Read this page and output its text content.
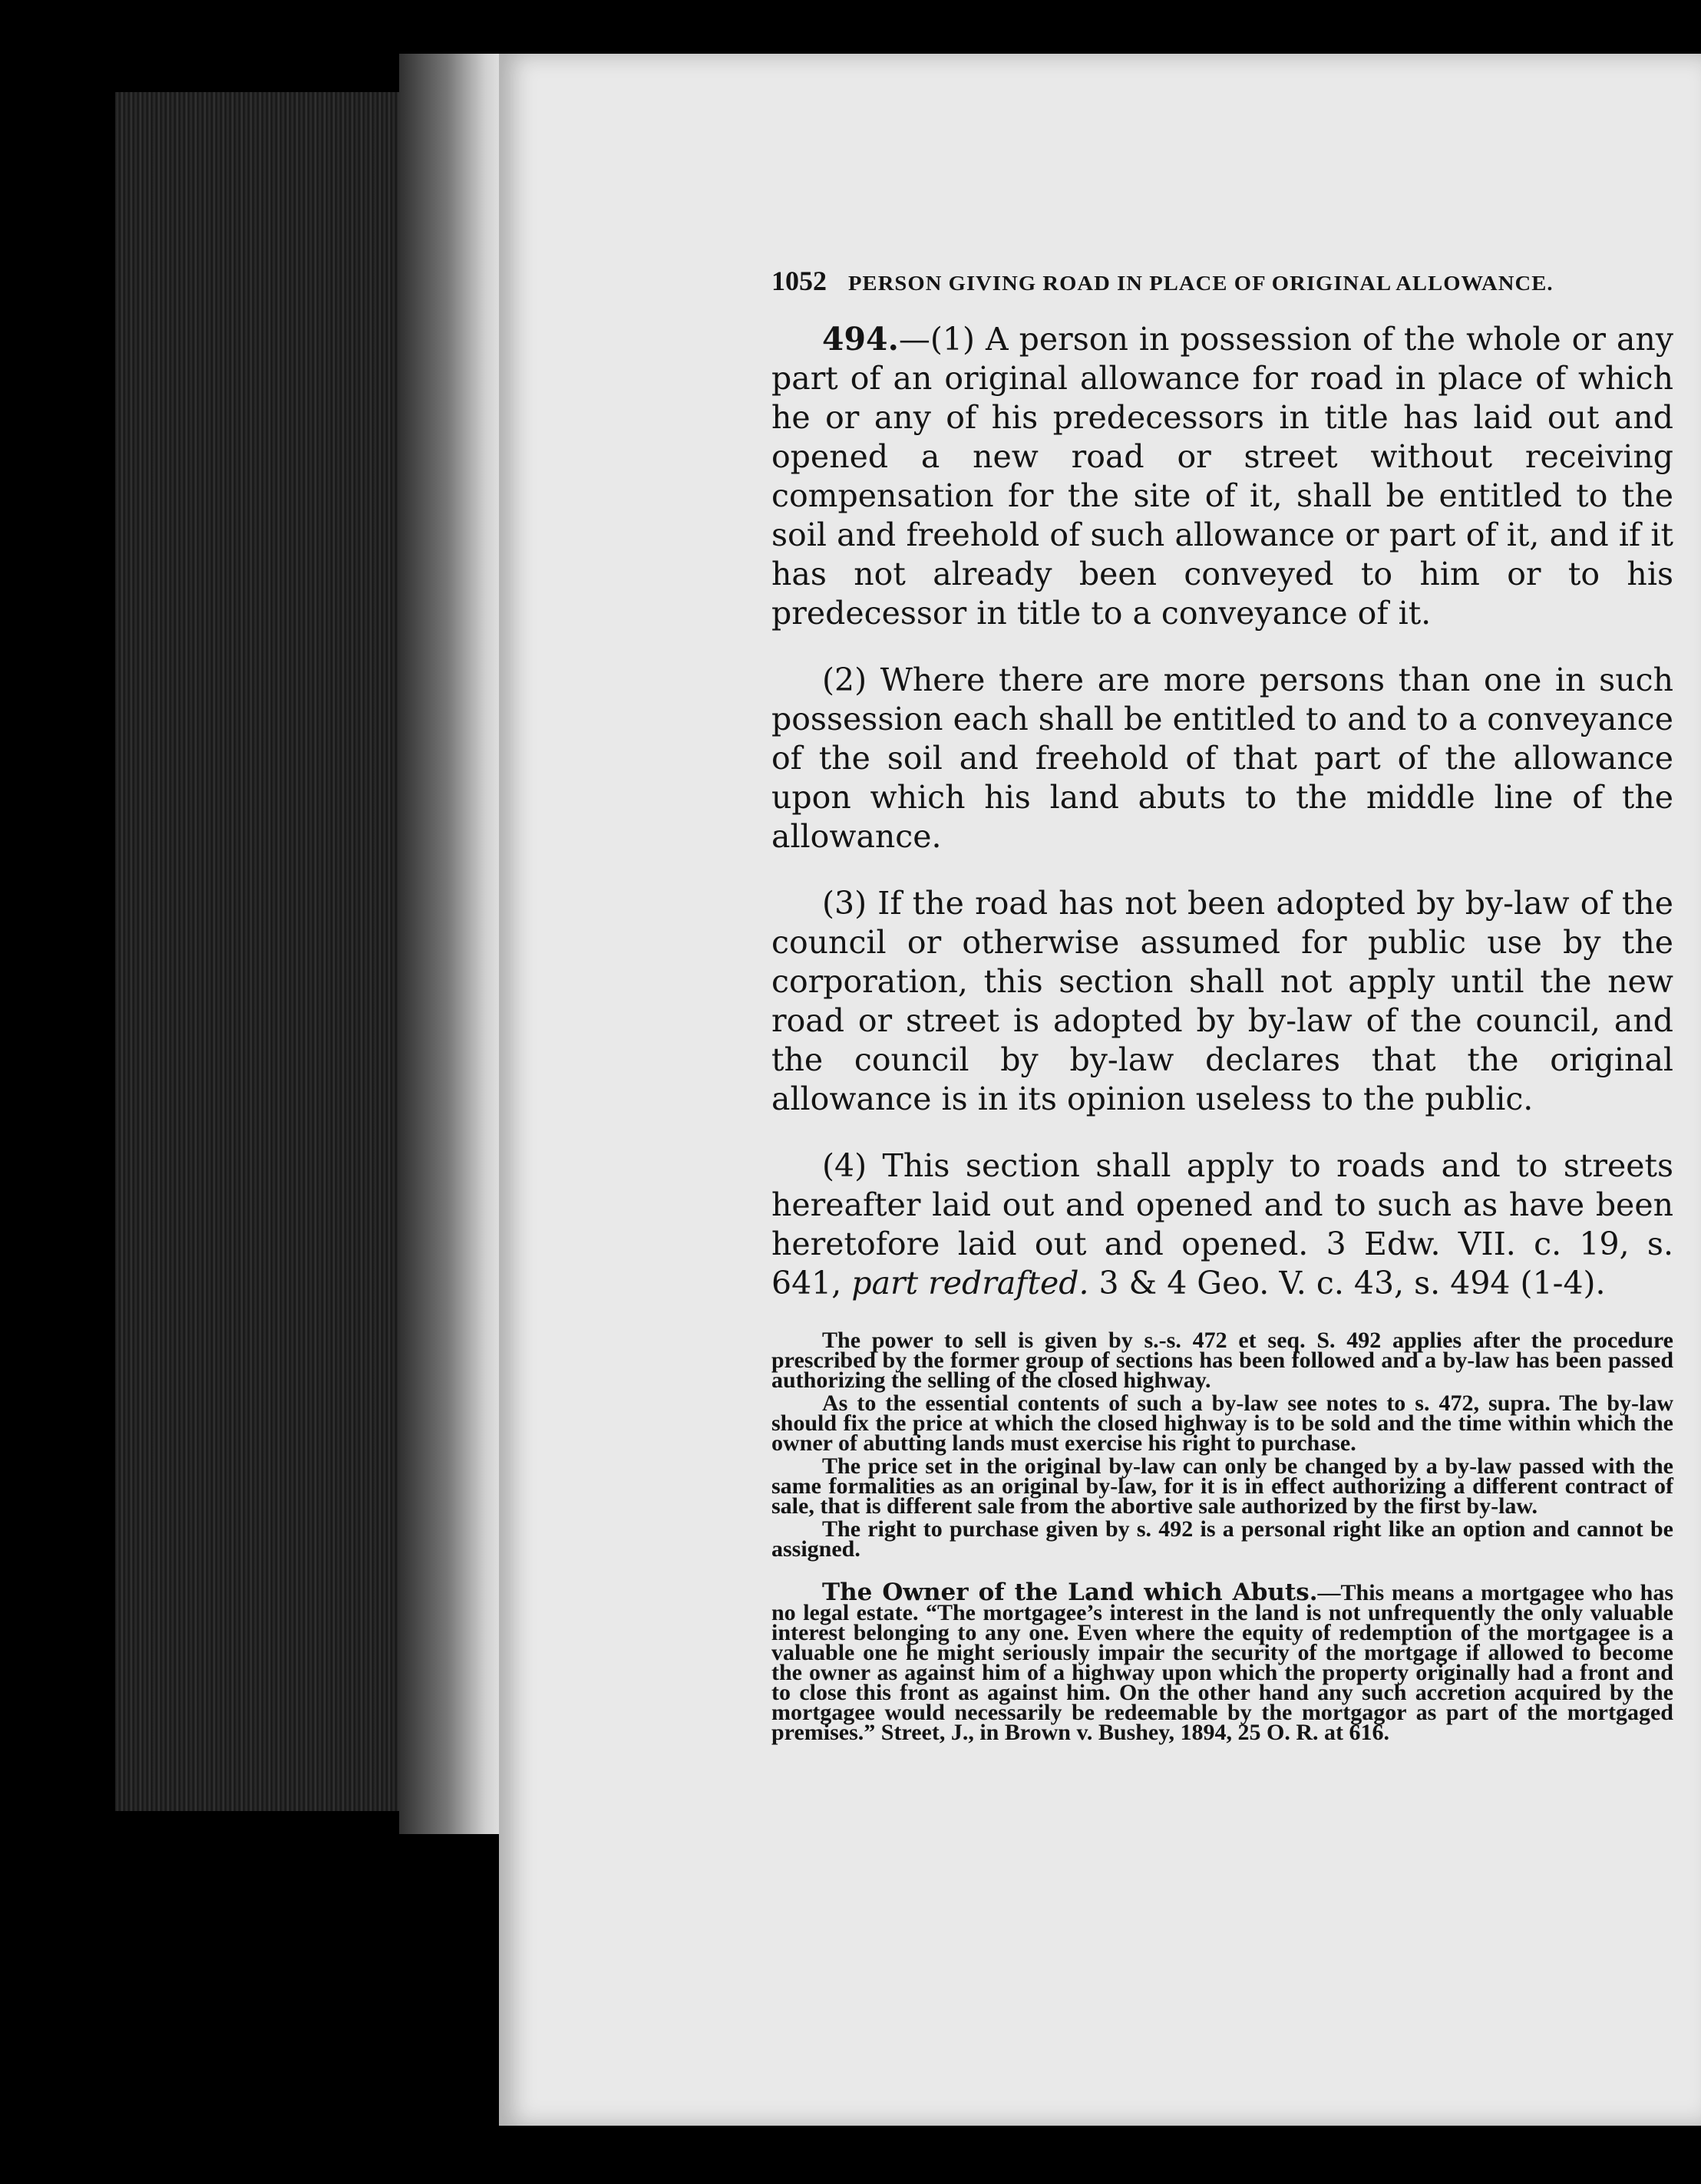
1052 PERSON GIVING ROAD IN PLACE OF ORIGINAL ALLOWANCE.

494.—(1) A person in possession of the whole or any part of an original allowance for road in place of which he or any of his predecessors in title has laid out and opened a new road or street without receiving compensation for the site of it, shall be entitled to the soil and freehold of such allowance or part of it, and if it has not already been conveyed to him or to his predecessor in title to a conveyance of it.

(2) Where there are more persons than one in such possession each shall be entitled to and to a conveyance of the soil and freehold of that part of the allowance upon which his land abuts to the middle line of the allowance.

(3) If the road has not been adopted by by-law of the council or otherwise assumed for public use by the corporation, this section shall not apply until the new road or street is adopted by by-law of the council, and the council by by-law declares that the original allowance is in its opinion useless to the public.

(4) This section shall apply to roads and to streets hereafter laid out and opened and to such as have been heretofore laid out and opened. 3 Edw. VII. c. 19, s. 641, part redrafted. 3 & 4 Geo. V. c. 43, s. 494 (1-4).

The power to sell is given by s.-s. 472 et seq. S. 492 applies after the procedure prescribed by the former group of sections has been followed and a by-law has been passed authorizing the selling of the closed highway.

As to the essential contents of such a by-law see notes to s. 472, supra. The by-law should fix the price at which the closed highway is to be sold and the time within which the owner of abutting lands must exercise his right to purchase.

The price set in the original by-law can only be changed by a by-law passed with the same formalities as an original by-law, for it is in effect authorizing a different contract of sale, that is different sale from the abortive sale authorized by the first by-law.

The right to purchase given by s. 492 is a personal right like an option and cannot be assigned.

The Owner of the Land which Abuts.—This means a mortgagee who has no legal estate. “The mortgagee’s interest in the land is not unfrequently the only valuable interest belonging to any one. Even where the equity of redemption of the mortgagee is a valuable one he might seriously impair the security of the mortgage if allowed to become the owner as against him of a highway upon which the property originally had a front and to close this front as against him. On the other hand any such accretion acquired by the mortgagee would necessarily be redeemable by the mortgagor as part of the mortgaged premises.” Street, J., in Brown v. Bushey, 1894, 25 O. R. at 616.
